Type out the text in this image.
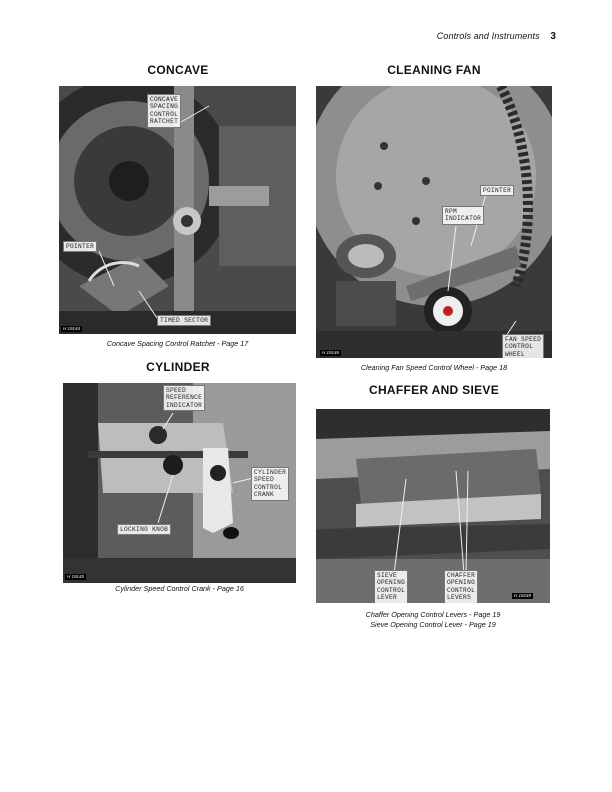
Controls and Instruments 3
CONCAVE
CONCAVE
SPACING
CONTROL
RATCHET
POINTER
TIMED SECTOR
H 19144
Concave Spacing Control Ratchet - Page 17
CLEANING FAN
POINTER
RPM
INDICATOR
FAN SPEED
CONTROL
WHEEL
H 19146
Cleaning Fan Speed Control Wheel - Page 18
CYLINDER
SPEED
REFERENCE
INDICATOR
CYLINDER
SPEED
CONTROL
CRANK
LOCKING KNOB
H 19145
Cylinder Speed Control Crank - Page 16
CHAFFER AND SIEVE
SIEVE
OPENING
CONTROL
LEVER
CHAFFER
OPENING
CONTROL
LEVERS	H 19249
Chaffer Opening Control Levers - Page 19
Sieve Opening Control Lever - Page 19
